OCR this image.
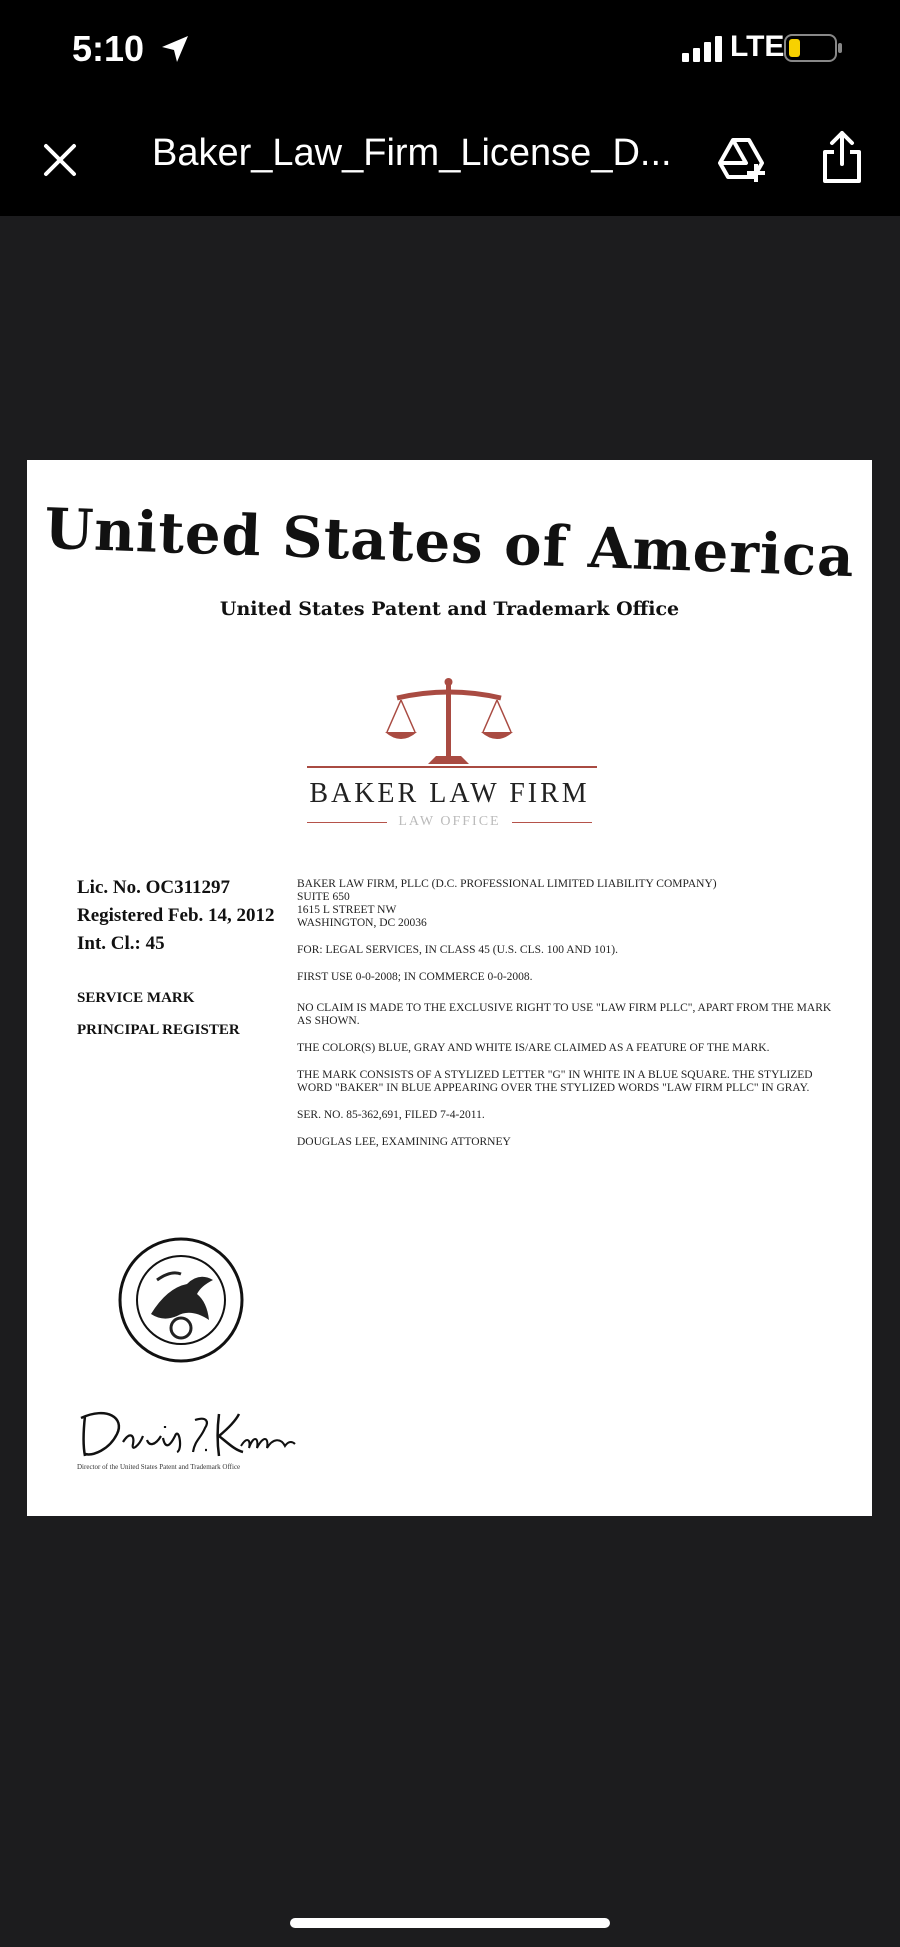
5:10	LTE
Baker_Law_Firm_License_D...
United States of America
United States Patent and Trademark Office
BAKER LAW FIRM
LAW OFFICE
Lic. No. OC311297
Registered Feb. 14, 2012
Int. Cl.: 45
SERVICE MARK
PRINCIPAL REGISTER

BAKER LAW FIRM, PLLC (D.C. PROFESSIONAL LIMITED LIABILITY COMPANY)

SUITE 650

1615 L STREET NW

WASHINGTON, DC 20036

FOR: LEGAL SERVICES, IN CLASS 45 (U.S. CLS. 100 AND 101).

FIRST USE 0-0-2008; IN COMMERCE 0-0-2008.

NO CLAIM IS MADE TO THE EXCLUSIVE RIGHT TO USE "LAW FIRM PLLC", APART FROM THE MARK AS SHOWN.

THE COLOR(S) BLUE, GRAY AND WHITE IS/ARE CLAIMED AS A FEATURE OF THE MARK.

THE MARK CONSISTS OF A STYLIZED LETTER "G" IN WHITE IN A BLUE SQUARE. THE STYLIZED WORD "BAKER" IN BLUE APPEARING OVER THE STYLIZED WORDS "LAW FIRM PLLC" IN GRAY.

SER. NO. 85-362,691, FILED 7-4-2011.

DOUGLAS LEE, EXAMINING ATTORNEY

Director of the United States Patent and Trademark Office
